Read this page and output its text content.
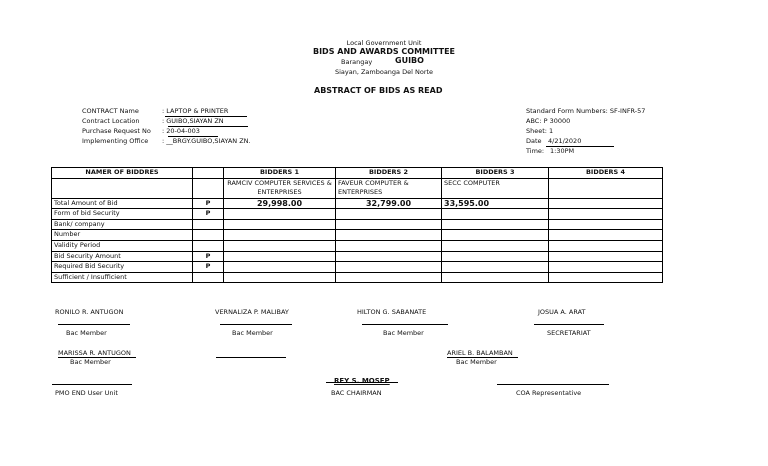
Local Government Unit
BIDS AND AWARDS COMMITTEE
Barangay	GUIBO
Siayan, Zamboanga Del Norte
ABSTRACT OF BIDS AS READ
CONTRACT Name	: LAPTOP & PRINTER
Contract Location	: GUIBO,SIAYAN ZN
Purchase Request No : 20-04-003
Implementing Office : __BRGY.GUIBO,SIAYAN ZN.
Standard Form Numbers: SF-INFR-57
ABC: P 30000
Sheet: 1
Date 4/21/2020
Time: 1:30PM
NAMER OF BIDDRES		BIDDERS 1	BIDDERS 2	BIDDERS 3	BIDDERS 4
		RAMCIV COMPUTER SERVICES & ENTERPRISES	FAVEUR COMPUTER & ENTERPRISES	SECC COMPUTER	
Total Amount of Bid	P	29,998.00	32,799.00	33,595.00	
Form of bid Security	P				
Bank/ company					
Number					
Validity Period					
Bid Security Amount	P				
Required Bid Security	P				
Sufficient / Insufficient					
RONILO R. ANTUGON
Bac Member
VERNALIZA P. MALIBAY
Bac Member
HILTON G. SABANATE
Bac Member
JOSUA A. ARAT
SECRETARIAT
MARISSA R. ANTUGON
Bac Member
ARIEL B. BALAMBAN
Bac Member
PMO END User Unit
REY S. MOSEP
BAC CHAIRMAN	COA Representative
